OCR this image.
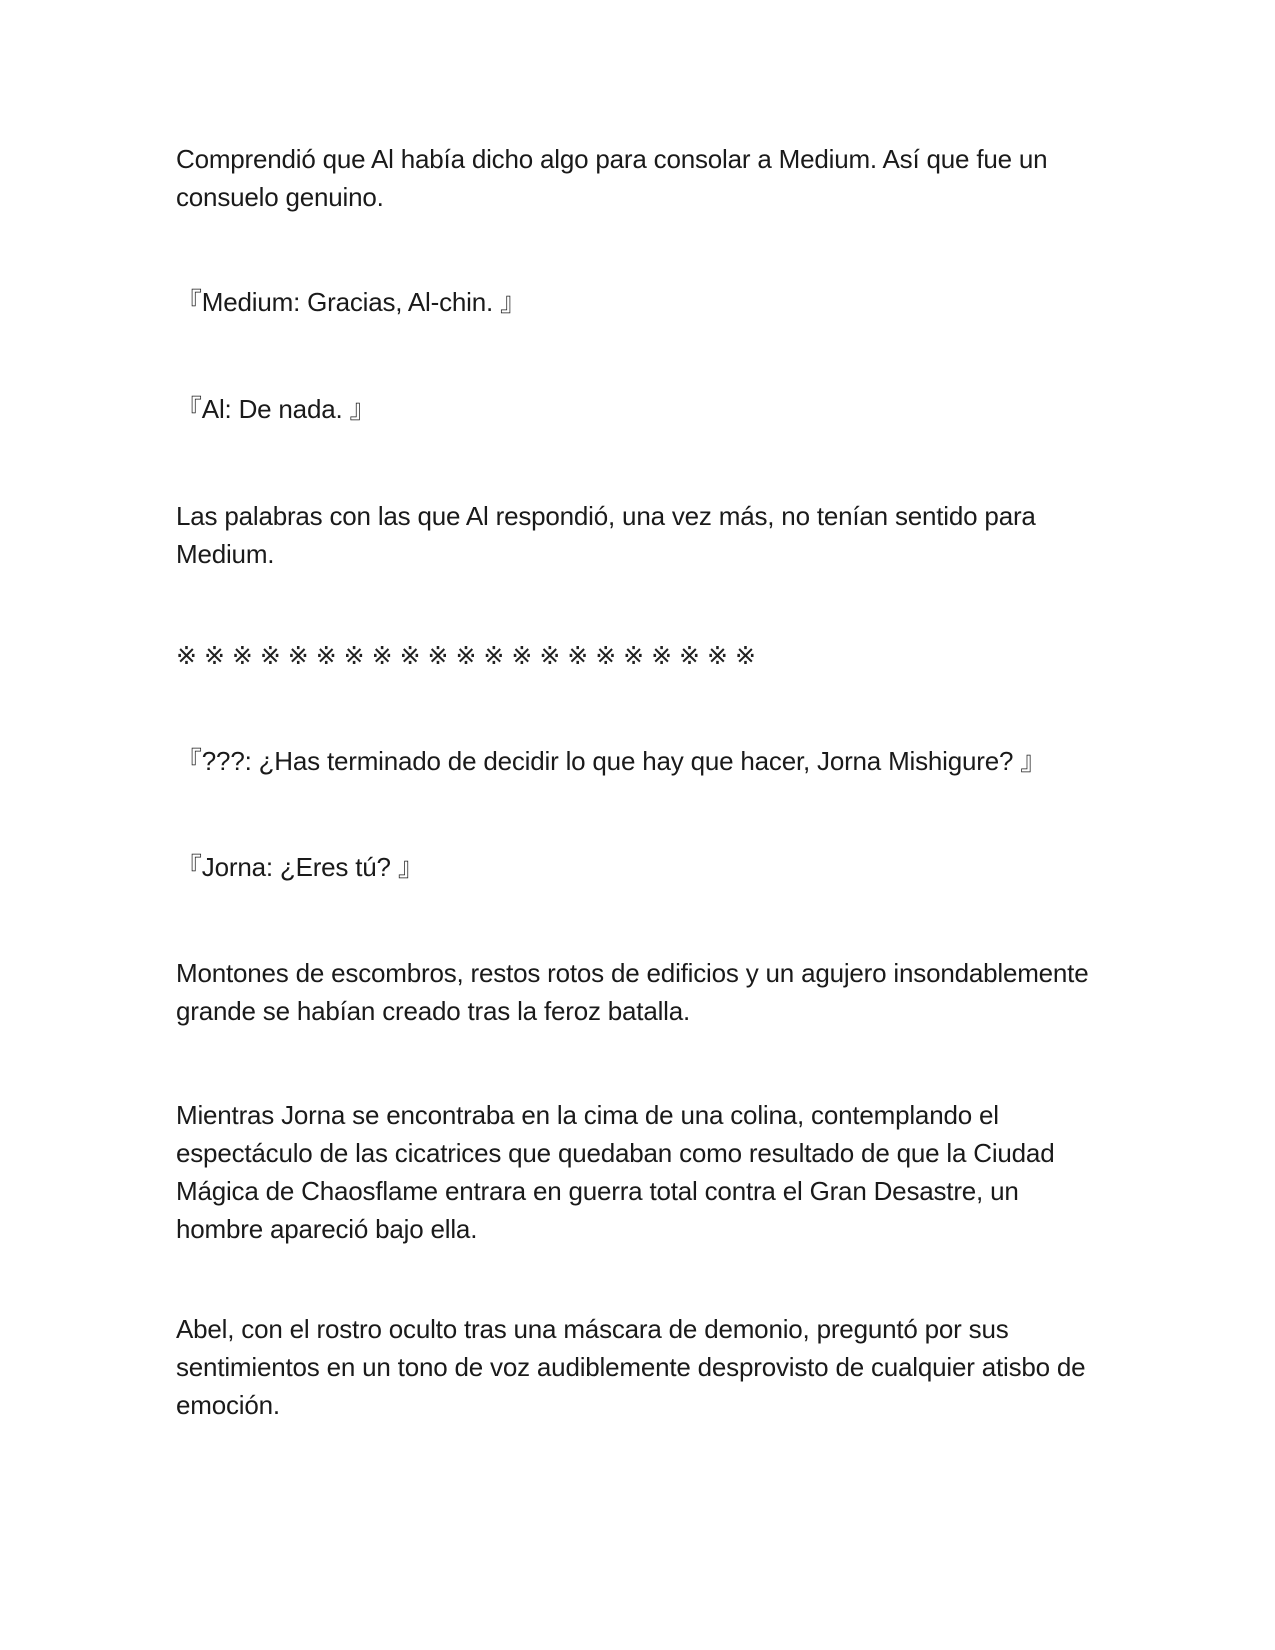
Comprendió que Al había dicho algo para consolar a Medium. Así que fue un consuelo genuino.

『Medium: Gracias, Al-chin. 』

『Al: De nada. 』

Las palabras con las que Al respondió, una vez más, no tenían sentido para Medium.

※※※※※※※※※※※※※※※※※※※※※

『???: ¿Has terminado de decidir lo que hay que hacer, Jorna Mishigure? 』

『Jorna: ¿Eres tú? 』

Montones de escombros, restos rotos de edificios y un agujero insondablemente grande se habían creado tras la feroz batalla.

Mientras Jorna se encontraba en la cima de una colina, contemplando el espectáculo de las cicatrices que quedaban como resultado de que la Ciudad Mágica de Chaosflame entrara en guerra total contra el Gran Desastre, un hombre apareció bajo ella.

Abel, con el rostro oculto tras una máscara de demonio, preguntó por sus sentimientos en un tono de voz audiblemente desprovisto de cualquier atisbo de emoción.
